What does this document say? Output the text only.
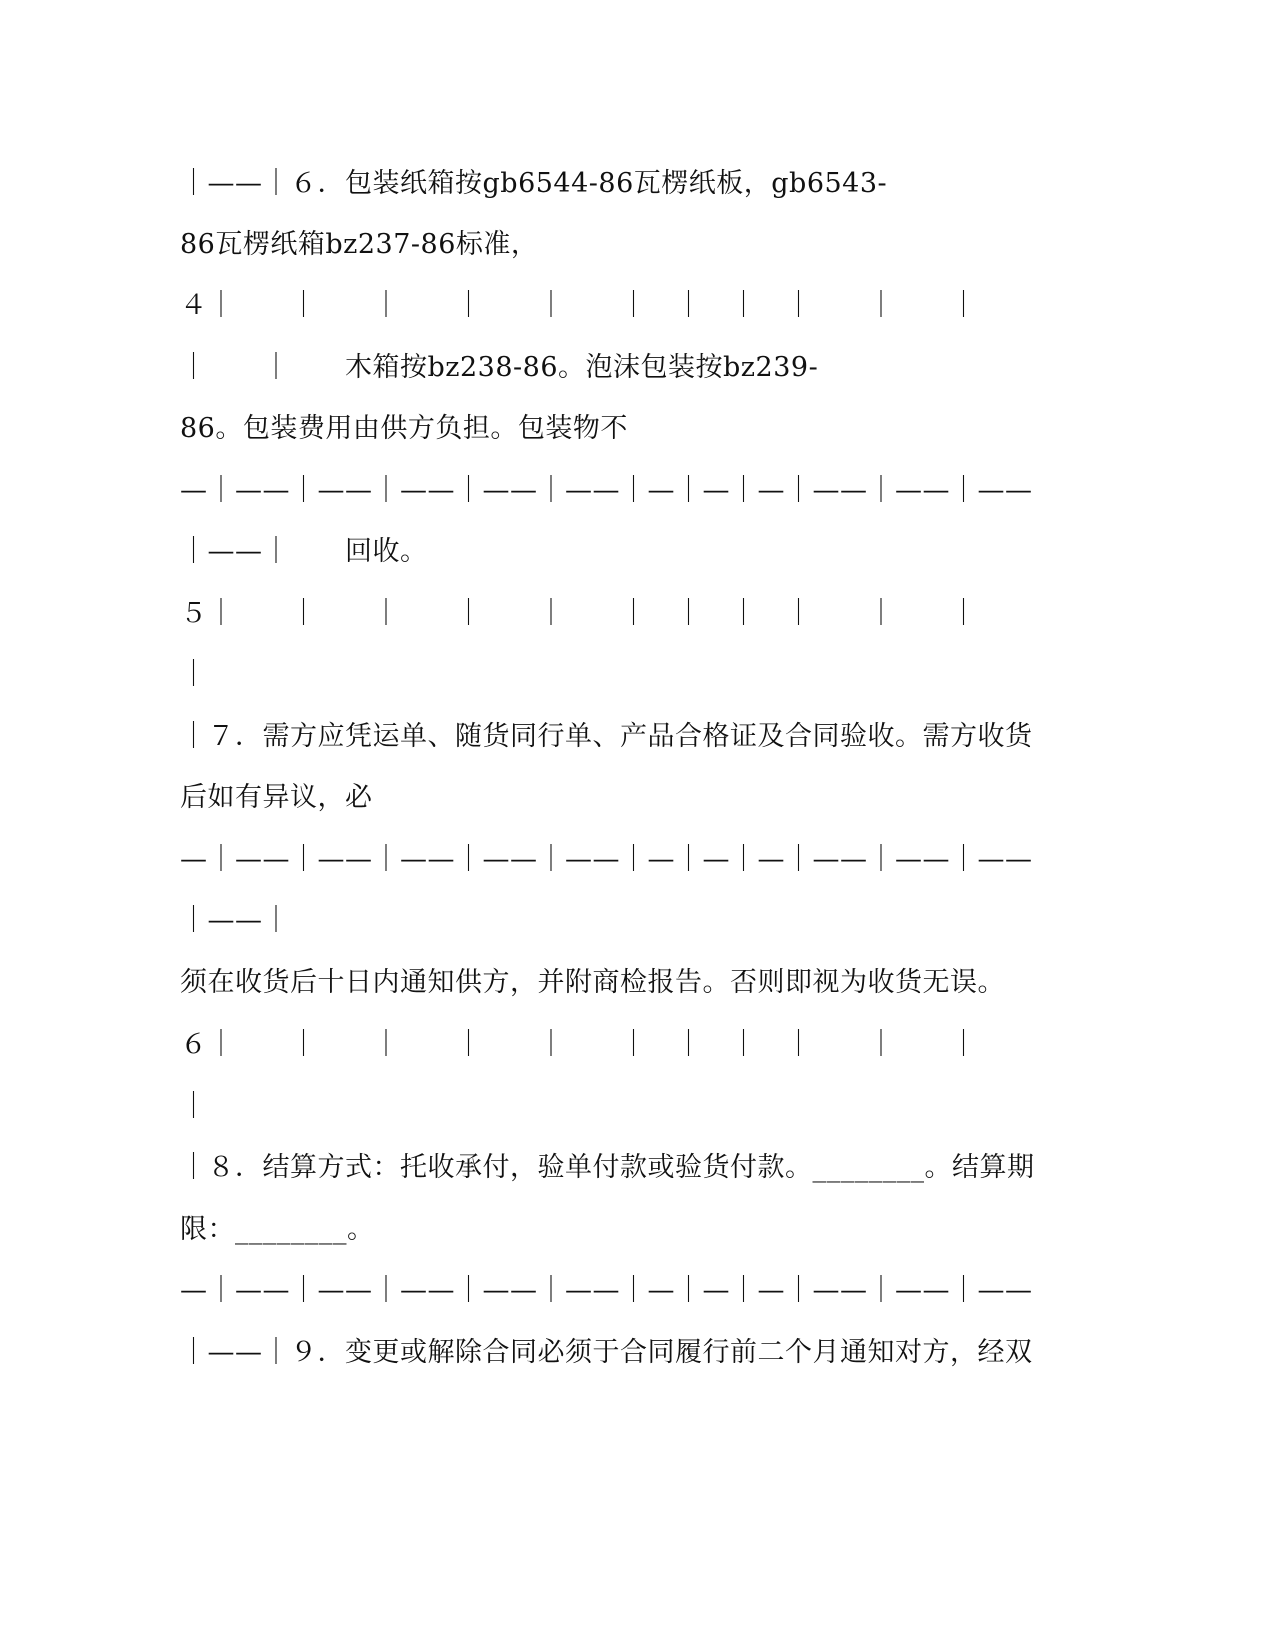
｜——｜６．包装纸箱按gb6544-86瓦楞纸板，gb6543-
86瓦楞纸箱bz237-86标准，
４｜　　｜　　｜　　｜　　｜　　｜　｜　｜　｜　　｜　　｜
｜　　｜　　木箱按bz238-86。泡沫包装按bz239-
86。包装费用由供方负担。包装物不
—｜——｜——｜——｜——｜——｜—｜—｜—｜——｜——｜——
｜——｜　　回收。
５｜　　｜　　｜　　｜　　｜　　｜　｜　｜　｜　　｜　　｜
｜
｜７．需方应凭运单、随货同行单、产品合格证及合同验收。需方收货
后如有异议，必
—｜——｜——｜——｜——｜——｜—｜—｜—｜——｜——｜——
｜——｜
须在收货后十日内通知供方，并附商检报告。否则即视为收货无误。
６｜　　｜　　｜　　｜　　｜　　｜　｜　｜　｜　　｜　　｜
｜
｜８．结算方式：托收承付，验单付款或验货付款。________。结算期
限：________。
—｜——｜——｜——｜——｜——｜—｜—｜—｜——｜——｜——
｜——｜９．变更或解除合同必须于合同履行前二个月通知对方，经双
